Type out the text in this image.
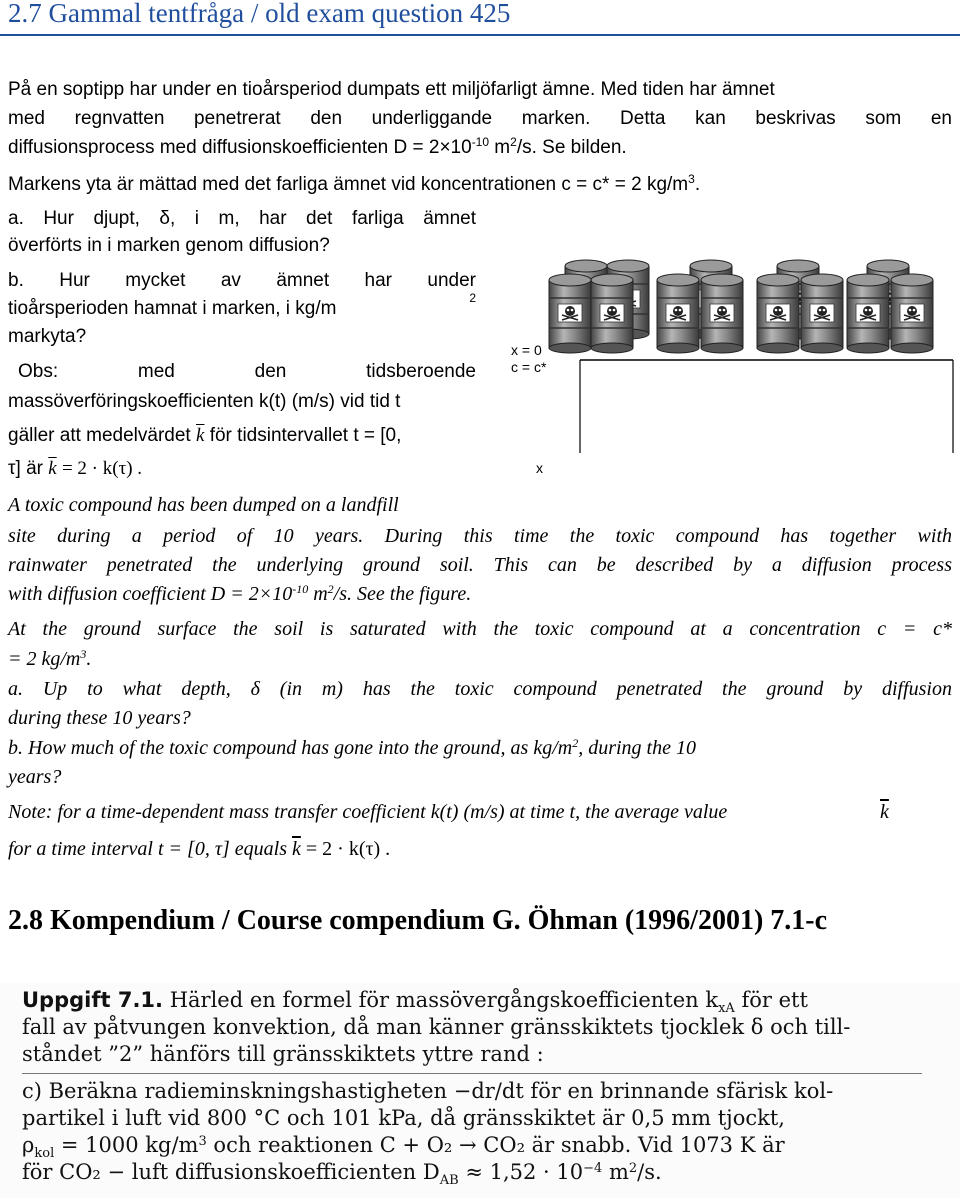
2.7 Gammal tentfråga / old exam question 425
På en soptipp har under en tioårsperiod dumpats ett miljöfarligt ämne. Med tiden har ämnet
med regnvatten penetrerat den underliggande marken. Detta kan beskrivas som en
diffusionsprocess med diffusionskoefficienten $D = 2\times 10^{-10}$ $m^2/s$. Se bilden.
Markens yta är mättad med det farliga ämnet vid koncentrationen c = c* = 2 $kg/m^3$.
a. Hur djupt, δ, i m, har det farliga ämnet
överförts in i marken genom diffusion?
b. Hur mycket av ämnet har under
tioårsperioden hamnat i marken, i kg/m	2
markyta?
Obs: med den tidsberoende
massöverföringskoefficienten k(t) (m/s) vid tid t
gäller att medelvärdet $\overline{k}$ för tidsintervallet t = [0,
τ] är $\overline{k} = 2 \cdot k(\tau)$ .
x = 0
c = c*
x
A toxic compound has been dumped on a landfill
site during a period of 10 years. During this time the toxic compound has together with
rainwater penetrated the underlying ground soil. This can be described by a diffusion process
with diffusion coefficient $D = 2\times 10^{-10}$ $m^2/s$. See the figure.
At the ground surface the soil is saturated with the toxic compound at a concentration c = c*
= 2 $kg/m^3$.
a. Up to what depth, δ (in m) has the toxic compound penetrated the ground by diffusion
during these 10 years?
b. How much of the toxic compound has gone into the ground, as $kg/m^2$, during the 10
years?
Note: for a time-dependent mass transfer coefficient k(t) (m/s) at time t, the average value	$\overline{k}$
for a time interval t = [0, τ] equals $\overline{k} = 2 \cdot k(\tau)$ .
2.8 Kompendium / Course compendium G. Öhman (1996/2001) 7.1-c
Uppgift 7.1. Härled en formel för massövergångskoefficienten $k_{xA}$ för ett
fall av påtvungen konvektion, då man känner gränsskiktets tjocklek δ och till-
ståndet ”2” hänförs till gränsskiktets yttre rand :
c) Beräkna radieminskningshastigheten −dr/dt för en brinnande sfärisk kol-
partikel i luft vid 800 °C och 101 kPa, då gränsskiktet är 0,5 mm tjockt,
$\rho_{kol} = 1000$ $kg/m^3$ och reaktionen C + O₂ → CO₂ är snabb. Vid 1073 K är
för CO₂ − luft diffusionskoefficienten $D_{AB} \approx 1,52 \cdot 10^{-4}$ $m^2/s$.
